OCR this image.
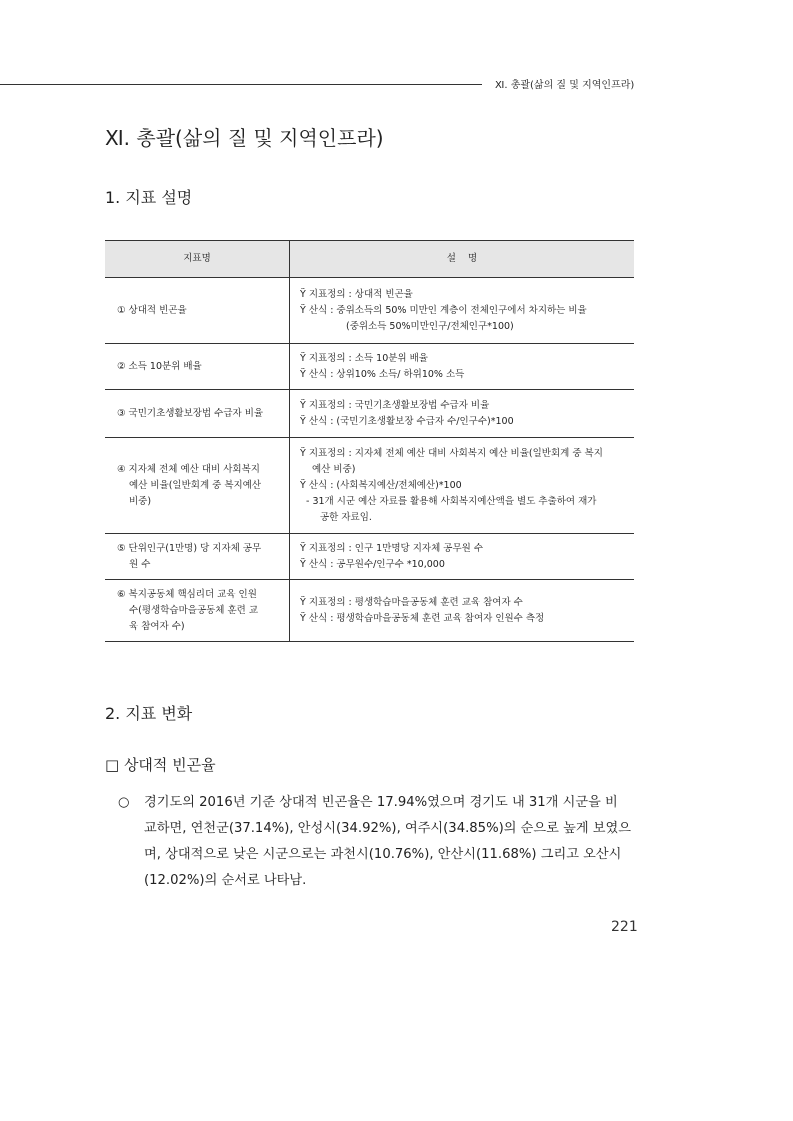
Ⅺ. 총괄(삶의 질 및 지역인프라)
Ⅺ. 총괄(삶의 질 및 지역인프라)
1. 지표 설명
지표명	설    명

① 상대적 빈곤율	Ÿ 지표정의 : 상대적 빈곤율
Ÿ 산식 : 중위소득의 50% 미만인 계층이 전체인구에서 차지하는 비율
(중위소득 50%미만인구/전체인구*100)

② 소득 10분위 배율	Ÿ 지표정의 : 소득 10분위 배율
Ÿ 산식 : 상위10% 소득/ 하위10% 소득

③ 국민기초생활보장법 수급자 비율	Ÿ 지표정의 : 국민기초생활보장법 수급자 비율
Ÿ 산식 : (국민기초생활보장 수급자 수/인구수)*100

④ 지자체 전체 예산 대비 사회복지
예산 비율(일반회계 중 복지예산
비중)	Ÿ 지표정의 : 지자체 전체 예산 대비 사회복지 예산 비율(일반회계 중 복지
예산 비중)
Ÿ 산식 : (사회복지예산/전체예산)*100
- 31개 시군 예산 자료를 활용해 사회복지예산액을 별도 추출하여 재가
공한 자료임.

⑤ 단위인구(1만명) 당 지자체 공무
원 수	Ÿ 지표정의 : 인구 1만명당 지자체 공무원 수
Ÿ 산식 : 공무원수/인구수 *10,000

⑥ 복지공동체 핵심리더 교육 인원
수(평생학습마을공동체 훈련 교
육 참여자 수)	Ÿ 지표정의 : 평생학습마을공동체 훈련 교육 참여자 수
Ÿ 산식 : 평생학습마을공동체 훈련 교육 참여자 인원수 측정
2. 지표 변화
□ 상대적 빈곤율
○	경기도의 2016년 기준 상대적 빈곤율은 17.94%였으며 경기도 내 31개 시군을 비
교하면, 연천군(37.14%), 안성시(34.92%), 여주시(34.85%)의 순으로 높게 보였으
며, 상대적으로 낮은 시군으로는 과천시(10.76%), 안산시(11.68%) 그리고 오산시
(12.02%)의 순서로 나타남.
221
